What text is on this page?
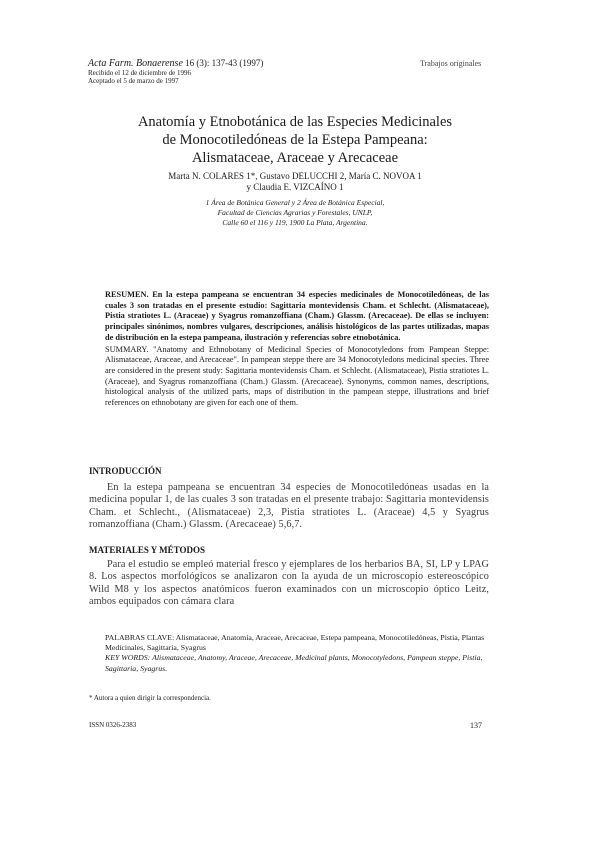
Acta Farm. Bonaerense 16 (3): 137-43 (1997)
Recibido el 12 de diciembre de 1996
Aceptado el 5 de marzo de 1997
Trabajos originales
Anatomía y Etnobotánica de las Especies Medicinales
de Monocotiledóneas de la Estepa Pampeana:
Alismataceae, Araceae y Arecaceae
Marta N. COLARES 1*, Gustavo DELUCCHI 2, María C. NOVOA 1
y Claudia E. VIZCAÍNO 1
1 Área de Botánica General y 2 Área de Botánica Especial,
Facultad de Ciencias Agrarias y Forestales, UNLP,
Calle 60 el 116 y 119, 1900 La Plata, Argentina.
RESUMEN. En la estepa pampeana se encuentran 34 especies medicinales de Monocotiledóneas, de las cuales 3 son tratadas en el presente estudio: Sagittaria montevidensis Cham. et Schlecht. (Alismataceae), Pistia stratiotes L. (Araceae) y Syagrus romanzoffiana (Cham.) Glassm. (Arecaceae). De ellas se incluyen: principales sinónimos, nombres vulgares, descripciones, análisis histológicos de las partes utilizadas, mapas de distribución en la estepa pampeana, ilustración y referencias sobre etnobotánica.
SUMMARY. "Anatomy and Ethnobotany of Medicinal Species of Monocotyledons from Pampean Steppe: Alismataceae, Araceae, and Arecaceae". In pampean steppe there are 34 Monocotyledons medicinal species. Three are considered in the present study: Sagittaria montevidensis Cham. et Schlecht. (Alismataceae), Pistia stratiotes L. (Araceae), and Syagrus romanzoffiana (Cham.) Glassm. (Arecaceae). Synonyms, common names, descriptions, histological analysis of the utilized parts, maps of distribution in the pampean steppe, illustrations and brief references on ethnobotany are given for each one of them.
INTRODUCCIÓN
En la estepa pampeana se encuentran 34 especies de Monocotiledóneas usadas en la medicina popular 1, de las cuales 3 son tratadas en el presente trabajo: Sagittaria montevidensis Cham. et Schlecht., (Alismataceae) 2,3, Pistia stratiotes L. (Araceae) 4,5 y Syagrus romanzoffiana (Cham.) Glassm. (Arecaceae) 5,6,7.
MATERIALES Y MÉTODOS
Para el estudio se empleó material fresco y ejemplares de los herbarios BA, SI, LP y LPAG 8. Los aspectos morfológicos se analizaron con la ayuda de un microscopio estereoscópico Wild M8 y los aspectos anatómicos fueron examinados con un microscopio óptico Leitz, ambos equipados con cámara clara
PALABRAS CLAVE: Alismataceae, Anatomía, Araceae, Arecaceae, Estepa pampeana, Monocotiledóneas, Pistia, Plantas Medicinales, Sagittaria, Syagrus
KEY WORDS: Alismataceae, Anatomy, Araceae, Arecaceae, Medicinal plants, Monocotyledons, Pampean steppe, Pistia, Sagittaria, Syagrus.
* Autora a quien dirigir la correspondencia.
ISSN 0326-2383	137
